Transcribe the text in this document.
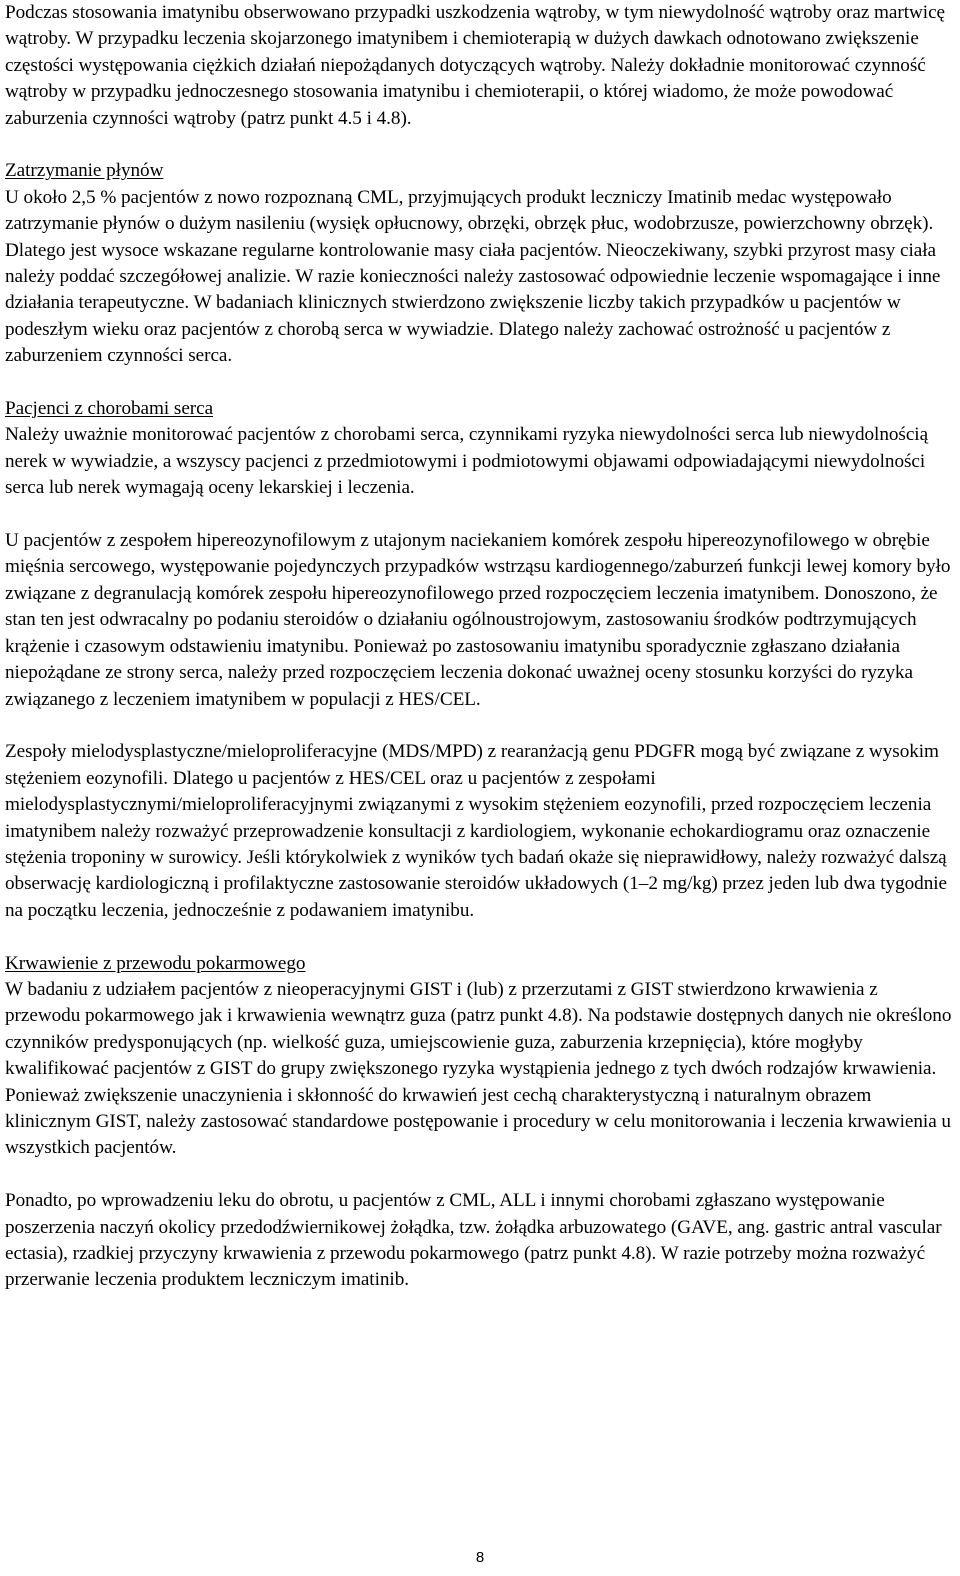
Podczas stosowania imatynibu obserwowano przypadki uszkodzenia wątroby, w tym niewydolność wątroby oraz martwicę wątroby. W przypadku leczenia skojarzonego imatynibem i chemioterapią w dużych dawkach odnotowano zwiększenie częstości występowania ciężkich działań niepożądanych dotyczących wątroby. Należy dokładnie monitorować czynność wątroby w przypadku jednoczesnego stosowania imatynibu i chemioterapii, o której wiadomo, że może powodować zaburzenia czynności wątroby (patrz punkt 4.5 i 4.8).

Zatrzymanie płynów
U około 2,5 % pacjentów z nowo rozpoznaną CML, przyjmujących produkt leczniczy Imatinib medac występowało zatrzymanie płynów o dużym nasileniu (wysięk opłucnowy, obrzęki, obrzęk płuc, wodobrzusze, powierzchowny obrzęk). Dlatego jest wysoce wskazane regularne kontrolowanie masy ciała pacjentów. Nieoczekiwany, szybki przyrost masy ciała należy poddać szczegółowej analizie. W razie konieczności należy zastosować odpowiednie leczenie wspomagające i inne działania terapeutyczne. W badaniach klinicznych stwierdzono zwiększenie liczby takich przypadków u pacjentów w podeszłym wieku oraz pacjentów z chorobą serca w wywiadzie. Dlatego należy zachować ostrożność u pacjentów z zaburzeniem czynności serca.

Pacjenci z chorobami serca
Należy uważnie monitorować pacjentów z chorobami serca, czynnikami ryzyka niewydolności serca lub niewydolnością nerek w wywiadzie, a wszyscy pacjenci z przedmiotowymi i podmiotowymi objawami odpowiadającymi niewydolności serca lub nerek wymagają oceny lekarskiej i leczenia.

U pacjentów z zespołem hipereozynofilowym z utajonym naciekaniem komórek zespołu hipereozynofilowego w obrębie mięśnia sercowego, występowanie pojedynczych przypadków wstrząsu kardiogennego/zaburzeń funkcji lewej komory było związane z degranulacją komórek zespołu hipereozynofilowego przed rozpoczęciem leczenia imatynibem. Donoszono, że stan ten jest odwracalny po podaniu steroidów o działaniu ogólnoustrojowym, zastosowaniu środków podtrzymujących krążenie i czasowym odstawieniu imatynibu. Ponieważ po zastosowaniu imatynibu sporadycznie zgłaszano działania niepożądane ze strony serca, należy przed rozpoczęciem leczenia dokonać uważnej oceny stosunku korzyści do ryzyka związanego z leczeniem imatynibem w populacji z HES/CEL.

Zespoły mielodysplastyczne/mieloproliferacyjne (MDS/MPD) z rearanżacją genu PDGFR mogą być związane z wysokim stężeniem eozynofili. Dlatego u pacjentów z HES/CEL oraz u pacjentów z zespołami mielodysplastycznymi/mieloproliferacyjnymi związanymi z wysokim stężeniem eozynofili, przed rozpoczęciem leczenia imatynibem należy rozważyć przeprowadzenie konsultacji z kardiologiem, wykonanie echokardiogramu oraz oznaczenie stężenia troponiny w surowicy. Jeśli którykolwiek z wyników tych badań okaże się nieprawidłowy, należy rozważyć dalszą obserwację kardiologiczną i profilaktyczne zastosowanie steroidów układowych (1–2 mg/kg) przez jeden lub dwa tygodnie na początku leczenia, jednocześnie z podawaniem imatynibu.

Krwawienie z przewodu pokarmowego
W badaniu z udziałem pacjentów z nieoperacyjnymi GIST i (lub) z przerzutami z GIST stwierdzono krwawienia z przewodu pokarmowego jak i krwawienia wewnątrz guza (patrz punkt 4.8). Na podstawie dostępnych danych nie określono czynników predysponujących (np. wielkość guza, umiejscowienie guza, zaburzenia krzepnięcia), które mogłyby kwalifikować pacjentów z GIST do grupy zwiększonego ryzyka wystąpienia jednego z tych dwóch rodzajów krwawienia. Ponieważ zwiększenie unaczynienia i skłonność do krwawień jest cechą charakterystyczną i naturalnym obrazem klinicznym GIST, należy zastosować standardowe postępowanie i procedury w celu monitorowania i leczenia krwawienia u wszystkich pacjentów.

Ponadto, po wprowadzeniu leku do obrotu, u pacjentów z CML, ALL i innymi chorobami zgłaszano występowanie poszerzenia naczyń okolicy przedodźwiernikowej żołądka, tzw. żołądka arbuzowatego (GAVE, ang. gastric antral vascular ectasia), rzadkiej przyczyny krwawienia z przewodu pokarmowego (patrz punkt 4.8). W razie potrzeby można rozważyć przerwanie leczenia produktem leczniczym imatinib.

8
